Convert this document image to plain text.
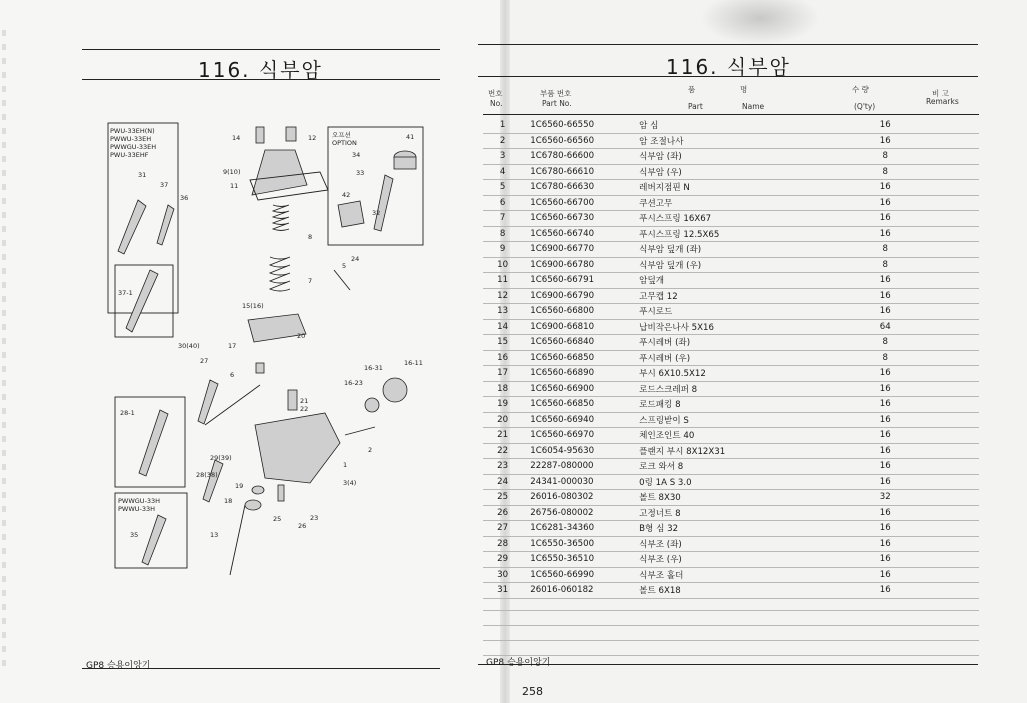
116. 식부암
PWU-33EH(N)
PWWU-33EH
PWWGU-33EH
PWU-33EHF
31
37
36
37-1
14	12
9(10)
11
8
7
5
24
오프션
OPTION
41
34
33
42
32
15(16)
20
17
6
21
22
16-31
16-11
16-23
1
2
3(4)
30(40)
27
28-1
29(39)
28(38)
19
18
13
25
26
23
PWWGU-33H
PWWU-33H
35
GP8 승용이앙기
116. 식부암
번호
No.
부품 번호
Part No.
품	명
Part	Name
수 량
(Q'ty)
비 고
Remarks
1	1C6560-66550	암 심	16	
2	1C6560-66560	암 조절나사	16	
3	1C6780-66600	식부암 (좌)	8	
4	1C6780-66610	식부암 (우)	8	
5	1C6780-66630	레버지점핀 N	16	
6	1C6560-66700	쿠션고무	16	
7	1C6560-66730	푸시스프링 16X67	16	
8	1C6560-66740	푸시스프링 12.5X65	16	
9	1C6900-66770	식부암 덮개 (좌)	8	
10	1C6900-66780	식부암 덮개 (우)	8	
11	1C6560-66791	암덮개	16	
12	1C6900-66790	고무캡 12	16	
13	1C6560-66800	푸시로드	16	
14	1C6900-66810	납비작은나사 5X16	64	
15	1C6560-66840	푸시레버 (좌)	8	
16	1C6560-66850	푸시레버 (우)	8	
17	1C6560-66890	부시 6X10.5X12	16	
18	1C6560-66900	로드스크레퍼 8	16	
19	1C6560-66850	로드패킹 8	16	
20	1C6560-66940	스프링받이 S	16	
21	1C6560-66970	체인조인트 40	16	
22	1C6054-95630	플랜지 부시 8X12X31	16	
23	22287-080000	로크 와셔 8	16	
24	24341-000030	0링 1A S 3.0	16	
25	26016-080302	볼트 8X30	32	
26	26756-080002	고정너트 8	16	
27	1C6281-34360	B형 심 32	16	
28	1C6550-36500	식부조 (좌)	16	
29	1C6550-36510	식부조 (우)	16	
30	1C6560-66990	식부조 홀더	16	
31	26016-060182	볼트 6X18	16	
GP8 승용이앙기
258
